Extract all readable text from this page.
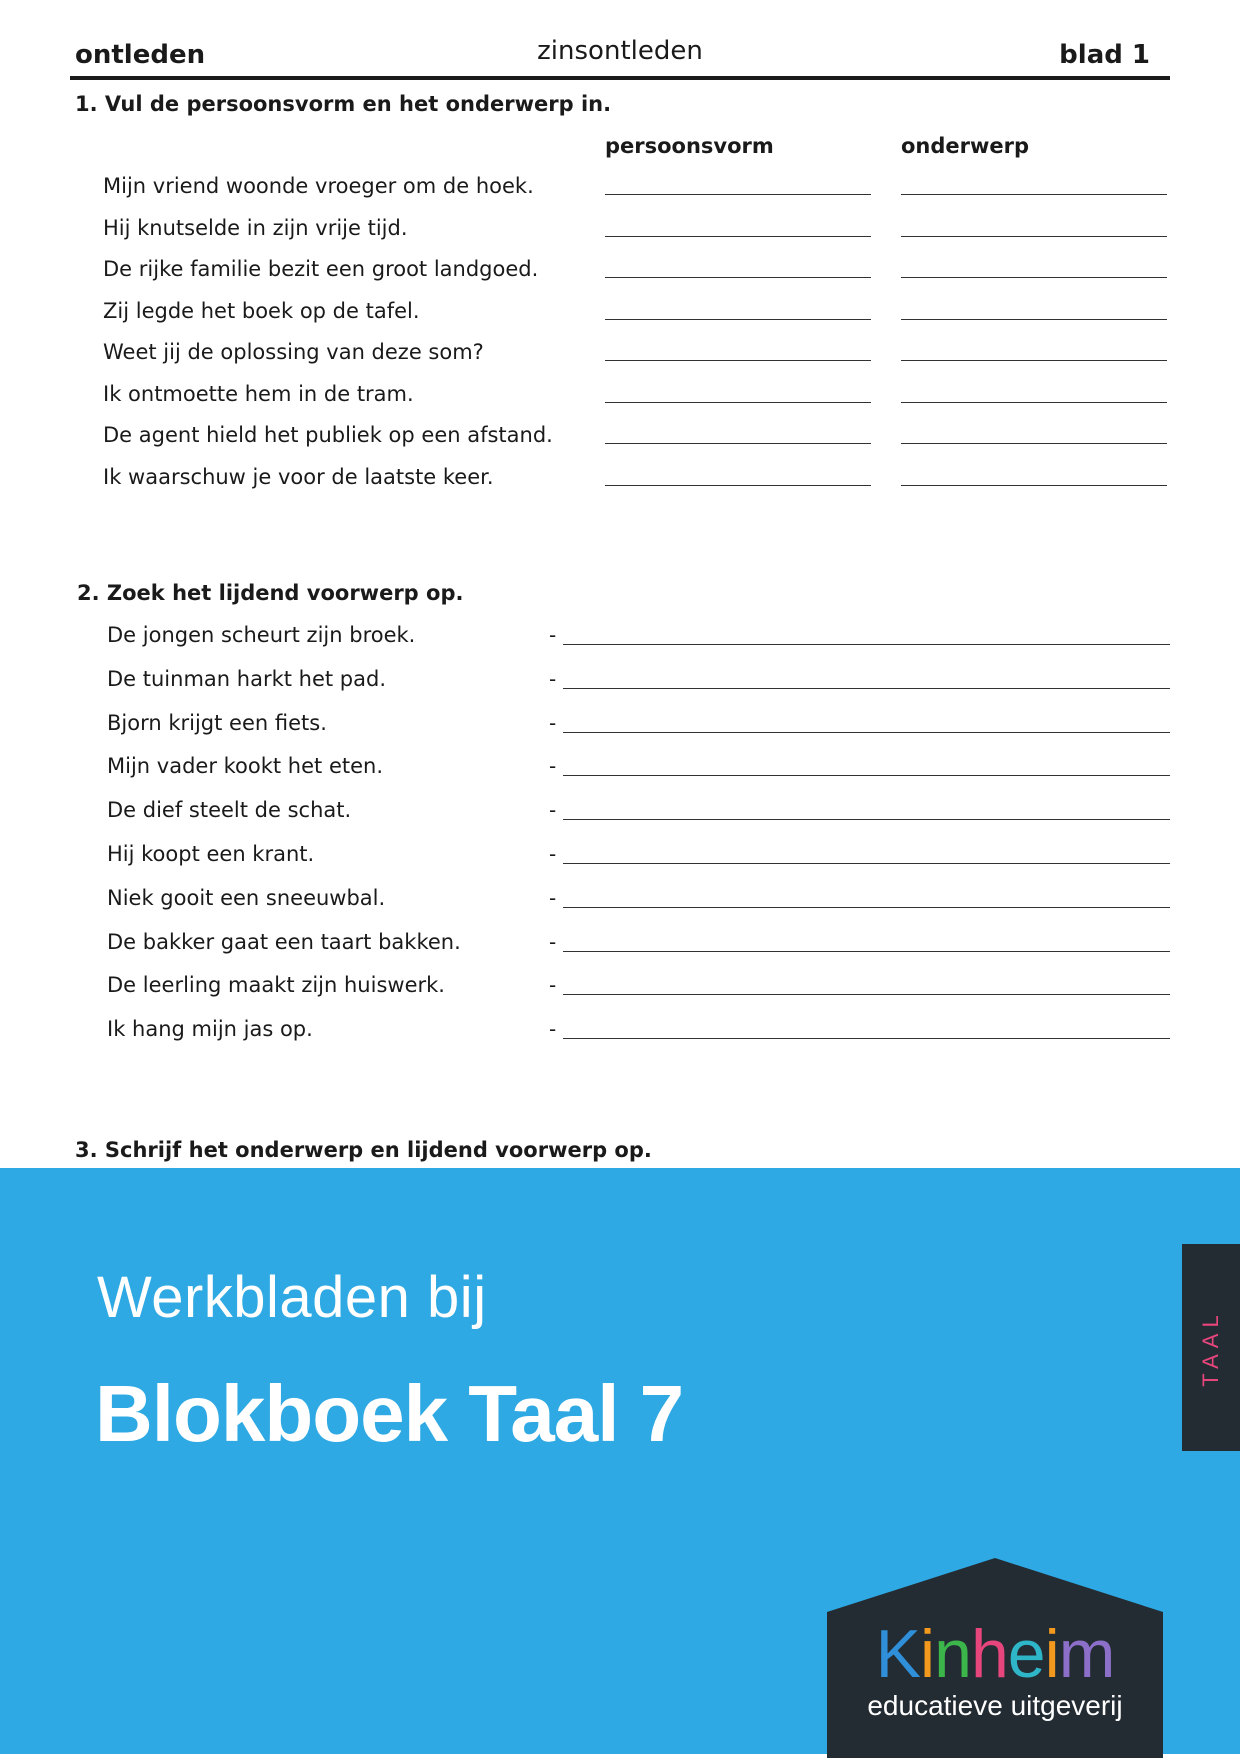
ontleden	zinsontleden	blad 1
1. Vul de persoonsvorm en het onderwerp in.
persoonsvorm	onderwerp
Mijn vriend woonde vroeger om de hoek.
Hij knutselde in zijn vrije tijd.
De rijke familie bezit een groot landgoed.
Zij legde het boek op de tafel.
Weet jij de oplossing van deze som?
Ik ontmoette hem in de tram.
De agent hield het publiek op een afstand.
Ik waarschuw je voor de laatste keer.
2. Zoek het lijdend voorwerp op.
De jongen scheurt zijn broek.	-
De tuinman harkt het pad.	-
Bjorn krijgt een fiets.	-
Mijn vader kookt het eten.	-
De dief steelt de schat.	-
Hij koopt een krant.	-
Niek gooit een sneeuwbal.	-
De bakker gaat een taart bakken.	-
De leerling maakt zijn huiswerk.	-
Ik hang mijn jas op.	-
3. Schrijf het onderwerp en lijdend voorwerp op.
Werkbladen bij
Blokboek Taal 7
TAAL
Kinheim
educatieve uitgeverij
